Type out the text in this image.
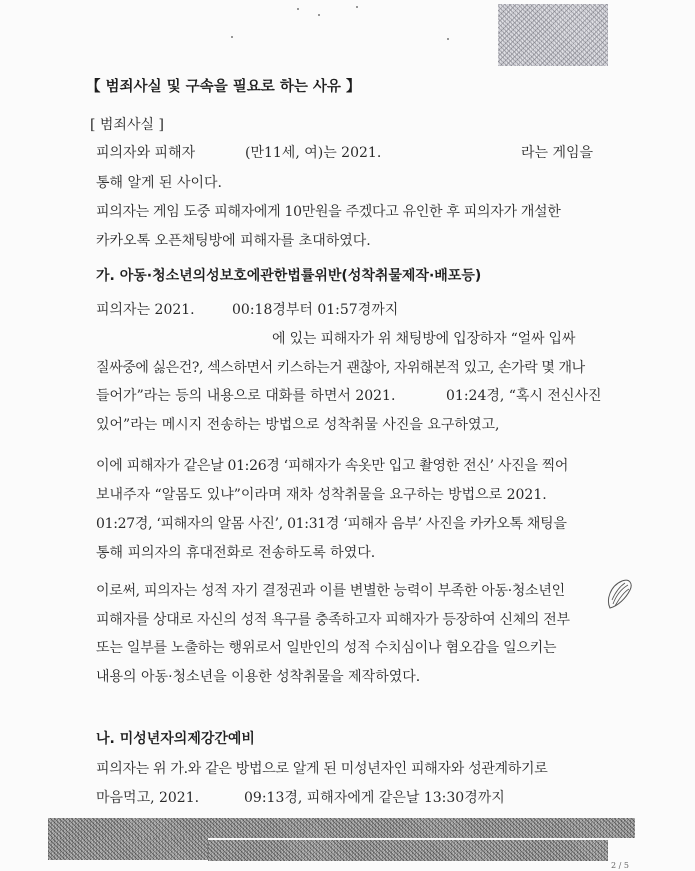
【 범죄사실 및 구속을 필요로 하는 사유 】
[ 범죄사실 ]
피의자와 피해자	(만11세, 여)는 2021.	라는 게임을
통해 알게 된 사이다.
피의자는 게임 도중 피해자에게 10만원을 주겠다고 유인한 후 피의자가 개설한
카카오톡 오픈채팅방에 피해자를 초대하였다.
가. 아동·청소년의성보호에관한법률위반(성착취물제작·배포등)
피의자는 2021.	00:18경부터 01:57경까지
에 있는 피해자가 위 채팅방에 입장하자 “얼싸 입싸
질싸중에 싫은건?, 섹스하면서 키스하는거 괜찮아, 자위해본적 있고, 손가락 몇 개나
들어가”라는 등의 내용으로 대화를 하면서 2021.	01:24경, “혹시 전신사진
있어”라는 메시지 전송하는 방법으로 성착취물 사진을 요구하였고,
이에 피해자가 같은날 01:26경 ‘피해자가 속옷만 입고 촬영한 전신’ 사진을 찍어
보내주자 “알몸도 있냐”이라며 재차 성착취물을 요구하는 방법으로 2021.
01:27경, ‘피해자의 알몸 사진’, 01:31경 ‘피해자 음부’ 사진을 카카오톡 채팅을
통해 피의자의 휴대전화로 전송하도록 하였다.
이로써, 피의자는 성적 자기 결정권과 이를 변별한 능력이 부족한 아동·청소년인
피해자를 상대로 자신의 성적 욕구를 충족하고자 피해자가 등장하여 신체의 전부
또는 일부를 노출하는 행위로서 일반인의 성적 수치심이나 혐오감을 일으키는
내용의 아동·청소년을 이용한 성착취물을 제작하였다.
나. 미성년자의제강간예비
피의자는 위 가.와 같은 방법으로 알게 된 미성년자인 피해자와 성관계하기로
마음먹고, 2021.	09:13경, 피해자에게 같은날 13:30경까지
2 / 5
